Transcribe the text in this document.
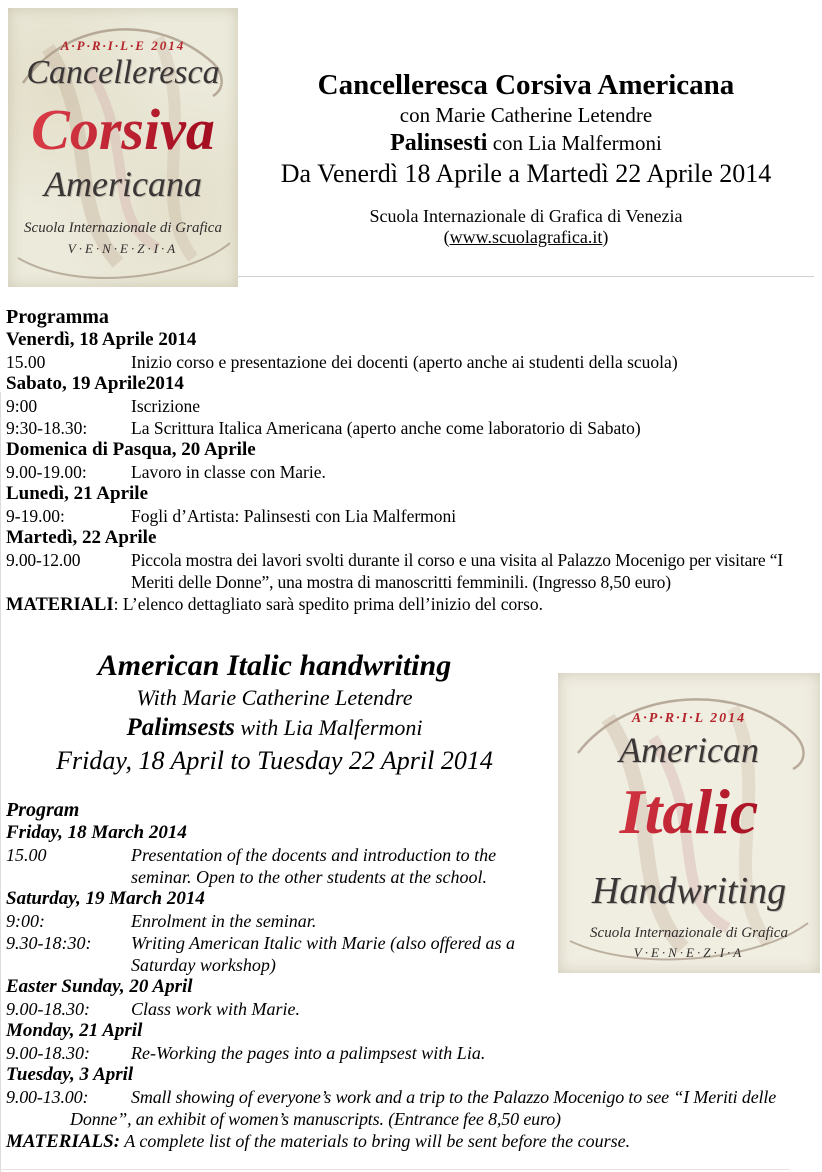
A·P·R·I·L·E 2014
Cancelleresca
Corsiva
Americana
Scuola Internazionale di Grafica
V·E·N·E·Z·I·A
Cancelleresca Corsiva Americana
con Marie Catherine Letendre
Palinsesti con Lia Malfermoni
Da Venerdì 18 Aprile a Martedì 22 Aprile 2014
Scuola Internazionale di Grafica di Venezia
(www.scuolagrafica.it)
Programma
Venerdì, 18 Aprile 2014
15.00	Inizio corso e presentazione dei docenti (aperto anche ai studenti della scuola)
Sabato, 19 Aprile2014
9:00	Iscrizione
9:30-18.30:	La Scrittura Italica Americana (aperto anche come laboratorio di Sabato)
Domenica di Pasqua, 20 Aprile
9.00-19.00:	Lavoro in classe con Marie.
Lunedì, 21 Aprile
9-19.00:	Fogli d’Artista: Palinsesti con Lia Malfermoni
Martedì, 22 Aprile
9.00-12.00	Piccola mostra dei lavori svolti durante il corso e una visita al Palazzo Mocenigo per visitare “I Meriti delle Donne”, una mostra di manoscritti femminili. (Ingresso 8,50 euro)
MATERIALI: L’elenco dettagliato sarà spedito prima dell’inizio del corso.
A·P·R·I·L 2014
American
Italic
Handwriting
Scuola Internazionale di Grafica
V·E·N·E·Z·I·A
American Italic handwriting
With Marie Catherine Letendre
Palimsests with Lia Malfermoni
Friday, 18 April to Tuesday 22 April 2014
Program
Friday, 18 March 2014
15.00	Presentation of the docents and introduction to the seminar. Open to the other students at the school.
Saturday, 19 March 2014
9:00:	Enrolment in the seminar.
9.30-18:30: Writing American Italic with Marie (also offered as a Saturday workshop)
Easter Sunday, 20 April
9.00-18.30: Class work with Marie.
Monday, 21 April
9.00-18.30: Re-Working the pages into a palimpsest with Lia.
Tuesday, 3 April
9.00-13.00: Small showing of everyone’s work and a trip to the Palazzo Mocenigo to see “I Meriti delle Donne”, an exhibit of women’s manuscripts. (Entrance fee 8,50 euro)
MATERIALS: A complete list of the materials to bring will be sent before the course.
